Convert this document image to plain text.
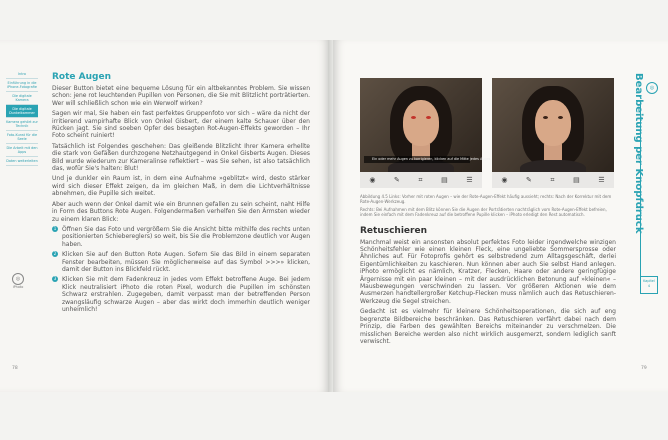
Intro
Einführung in die iPhone-Fotografie
Die digitale Kamera
Die digitale Dunkelkammer
Kamera gehört zur Technik
Foto-Kunst für die Seele
Die Arbeit mit den Apps
Daten weiterleiten
◎
iPhoto
Rote Augen

Dieser Button bietet eine bequeme Lösung für ein altbekanntes Problem. Sie wissen schon: jene rot leuchtenden Pupillen von Personen, die Sie mit Blitzlicht porträtierten. Wer will schließlich schon wie ein Werwolf wirken?

Sagen wir mal, Sie haben ein fast perfektes Gruppenfoto vor sich – wäre da nicht der irritierend vampirhafte Blick von Onkel Gisbert, der einem kalte Schauer über den Rücken jagt. Sie sind soeben Opfer des besagten Rot-Augen-Effekts geworden – Ihr Foto scheint ruiniert!

Tatsächlich ist Folgendes geschehen: Das gleißende Blitzlicht Ihrer Kamera erhellte die stark von Gefäßen durchzogene Netzhautgegend in Onkel Gisberts Augen. Dieses Bild wurde wiederum zur Kameralinse reflektiert – was Sie sehen, ist also tatsächlich das, wofür Sie's halten: Blut!

Und je dunkler ein Raum ist, in dem eine Aufnahme »geblitzt« wird, desto stärker wird sich dieser Effekt zeigen, da im gleichen Maß, in dem die Lichtverhältnisse abnehmen, die Pupille sich weitet.

Aber auch wenn der Onkel damit wie ein Brunnen gefallen zu sein scheint, naht Hilfe in Form des Buttons Rote Augen. Folgendermaßen verhelfen Sie den Ärmsten wieder zu einem klaren Blick:

1 Öffnen Sie das Foto und vergrößern Sie die Ansicht bitte mithilfe des rechts unten positionierten Schiebereglers) so weit, bis Sie die Problemzone deutlich vor Augen haben.
2 Klicken Sie auf den Button Rote Augen. Sofern Sie das Bild in einem separaten Fenster bearbeiten, müssen Sie möglicherweise auf das Symbol >>>» klicken, damit der Button ins Blickfeld rückt.
3 Klicken Sie mit dem Fadenkreuz in jedes vom Effekt betroffene Auge. Bei jedem Klick neutralisiert iPhoto die roten Pixel, wodurch die Pupillen im schönsten Schwarz erstrahlen. Zugegeben, damit verpasst man der betreffenden Person zwangsläufig schwarze Augen – aber das wirkt doch immerhin deutlich weniger unheimlich!
78
Ein oder mehr Augen zu korrigieren, klicken auf die Mitte jedes Auges.
◉	✎	⌗	▤	☰	◉	✎	⌗	▤	☰

Abbildung 4.5 Links: Vorher mit roten Augen – wie der Rote-Augen-Effekt häufig aussieht; rechts: Nach der Korrektur mit dem Rote-Augen-Werkzeug.

Rechts: Bei Aufnahmen mit dem Blitz können Sie die Augen der Porträtierten nachträglich vom Rote-Augen-Effekt befreien, indem Sie einfach mit dem Fadenkreuz auf die betroffene Pupille klicken – iPhoto erledigt den Rest automatisch.

Retuschieren

Manchmal weist ein ansonsten absolut perfektes Foto leider irgendwelche winzigen Schönheitsfehler wie einen kleinen Fleck, eine ungeliebte Sommersprosse oder Ähnliches auf. Für Fotoprofis gehört es selbstredend zum Alltagsgeschäft, derlei Eigentümlichkeiten zu kaschieren. Nun können aber auch Sie selbst Hand anlegen. iPhoto ermöglicht es nämlich, Kratzer, Flecken, Haare oder andere geringfügige Ärgernisse mit ein paar kleinen – mit der ausdrücklichen Betonung auf »kleinen« – Mausbewegungen verschwinden zu lassen. Vor größeren Aktionen wie dem Ausmerzen handtellergroßer Ketchup-Flecken muss nämlich auch das Retuschieren-Werkzeug die Segel streichen.

Gedacht ist es vielmehr für kleinere Schönheitsoperationen, die sich auf eng begrenzte Bildbereiche beschränken. Das Retuschieren verfährt dabei nach dem Prinzip, die Farben des gewählten Bereichs miteinander zu verschmelzen. Die misslichen Bereiche werden also nicht wirklich ausgemerzt, sondern lediglich sanft verwischt.

79
◎
Bearbeitung per Knopfdruck
Kapitel
4
